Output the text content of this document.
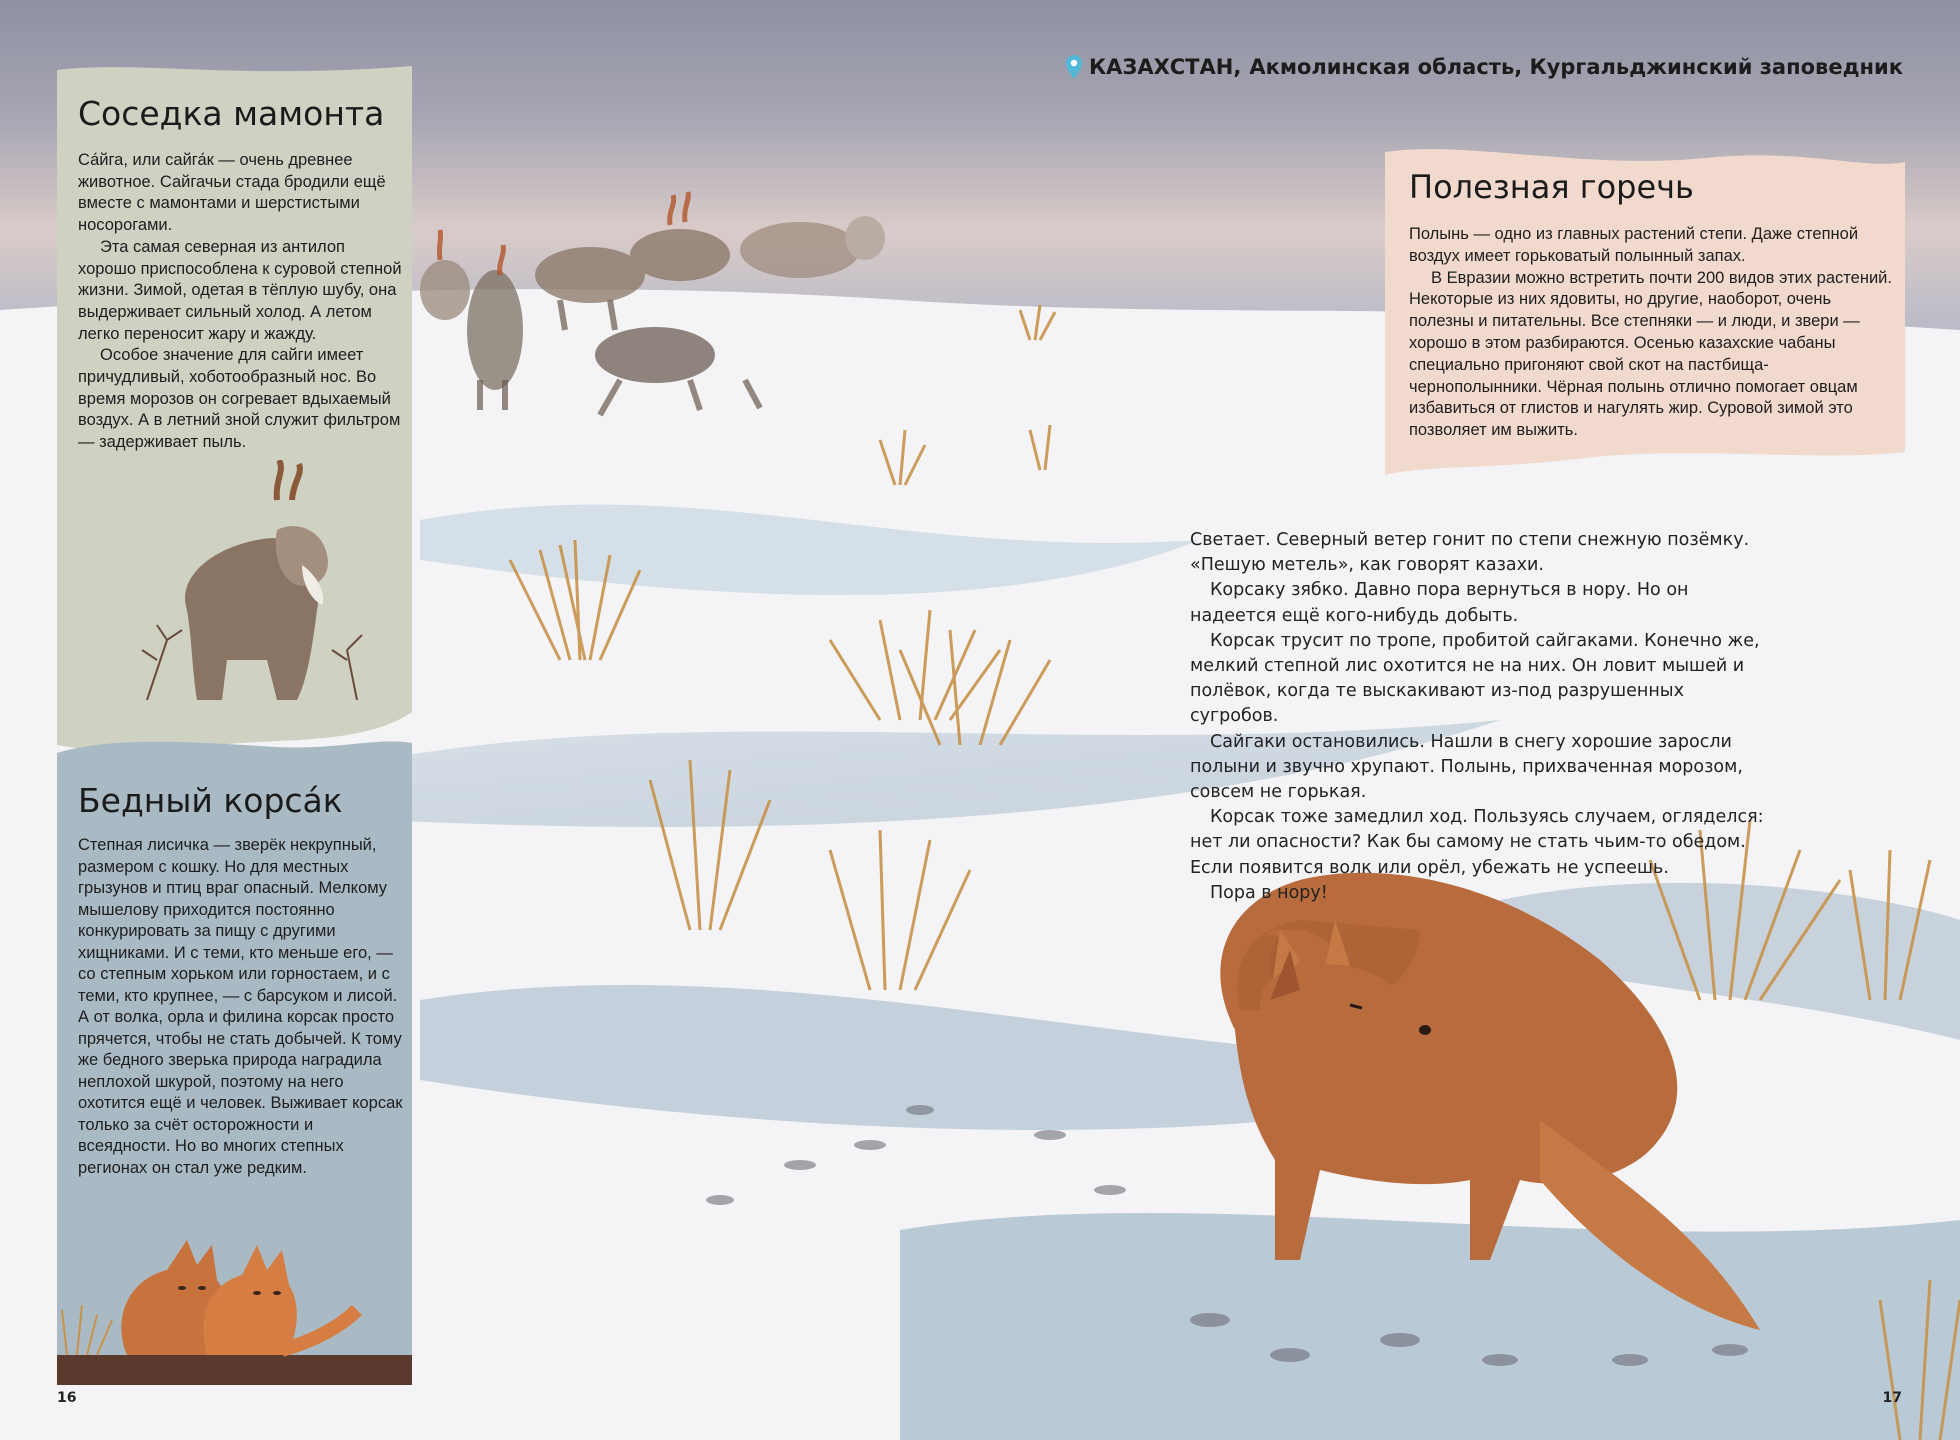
КАЗАХСТАН, Акмолинская область, Кургальджинский заповедник
Соседка мамонта

Са́йга, или сайга́к — очень древнее животное. Сайгачьи стада бродили ещё вместе с мамонтами и шерстистыми носорогами.

Эта самая северная из антилоп хорошо приспособлена к суровой степной жизни. Зимой, одетая в тёплую шубу, она выдерживает сильный холод. А летом легко переносит жару и жажду.

Особое значение для сайги имеет причудливый, хоботообразный нос. Во время морозов он согревает вдыхаемый воздух. А в летний зной служит фильтром — задерживает пыль.

Бедный корса́к

Степная лисичка — зверёк некрупный, размером с кошку. Но для местных грызунов и птиц враг опасный. Мелкому мышелову приходится постоянно конкурировать за пищу с другими хищниками. И с теми, кто меньше его, — со степным хорьком или горностаем, и с теми, кто крупнее, — с барсуком и лисой. А от волка, орла и филина корсак просто прячется, чтобы не стать добычей. К тому же бедного зверька природа наградила неплохой шкурой, поэтому на него охотится ещё и человек. Выживает корсак только за счёт осторожности и всеядности. Но во многих степных регионах он стал уже редким.

Полезная горечь

Полынь — одно из главных растений степи. Даже степной воздух имеет горьковатый полынный запах.

В Евразии можно встретить почти 200 видов этих растений. Некоторые из них ядовиты, но другие, наоборот, очень полезны и питательны. Все степняки — и люди, и звери — хорошо в этом разбираются. Осенью казахские чабаны специально пригоняют свой скот на пастбища-чернополынники. Чёрная полынь отлично помогает овцам избавиться от глистов и нагулять жир. Суровой зимой это позволяет им выжить.

Светает. Северный ветер гонит по степи снежную позёмку. «Пешую метель», как говорят казахи.

Корсаку зябко. Давно пора вернуться в нору. Но он надеется ещё кого-нибудь добыть.

Корсак трусит по тропе, пробитой сайгаками. Конечно же, мелкий степной лис охотится не на них. Он ловит мышей и полёвок, когда те выскакивают из-под разрушенных сугробов.

Сайгаки остановились. Нашли в снегу хорошие заросли полыни и звучно хрупают. Полынь, прихваченная морозом, совсем не горькая.

Корсак тоже замедлил ход. Пользуясь случаем, огляделся: нет ли опасности? Как бы самому не стать чьим-то обедом. Если появится волк или орёл, убежать не успеешь.

Пора в нору!

16	17
